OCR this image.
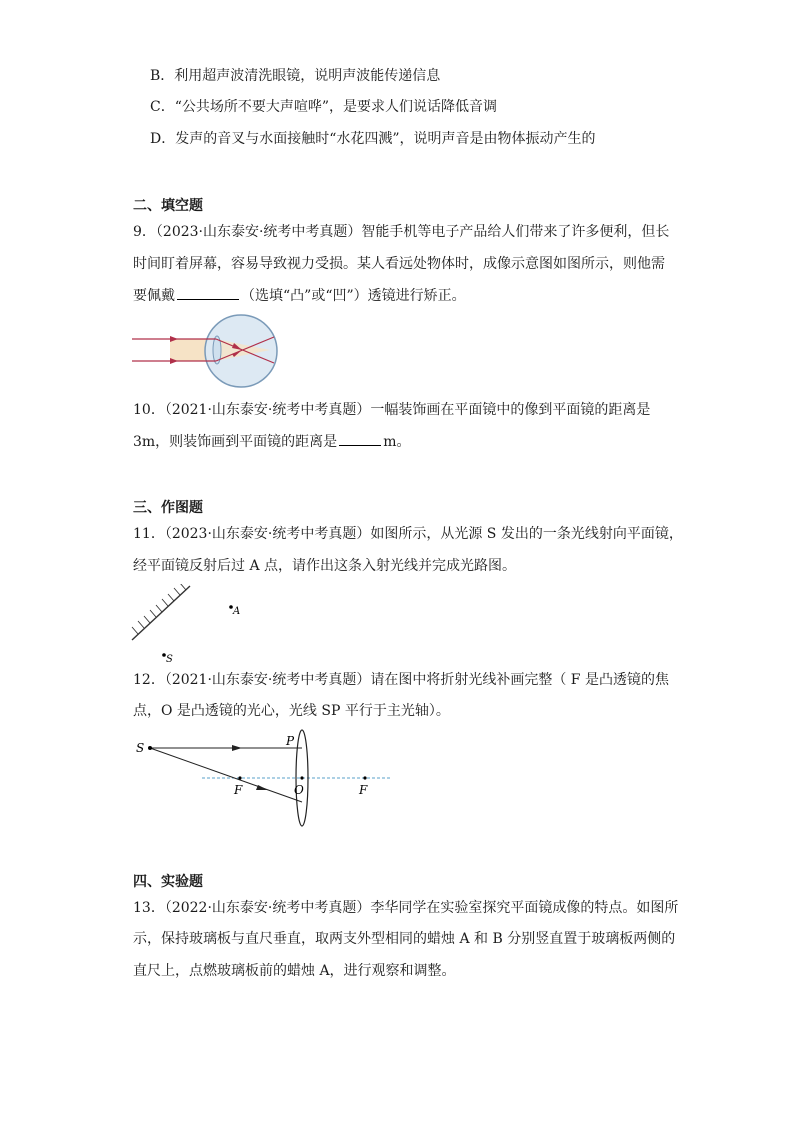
B．利用超声波清洗眼镜，说明声波能传递信息
C．“公共场所不要大声喧哗”，是要求人们说话降低音调
D．发声的音叉与水面接触时“水花四溅”，说明声音是由物体振动产生的
二、填空题
9．（2023·山东泰安·统考中考真题）智能手机等电子产品给人们带来了许多便利，但长
时间盯着屏幕，容易导致视力受损。某人看远处物体时，成像示意图如图所示，则他需
要佩戴	（选填“凸”或“凹”）透镜进行矫正。
10．（2021·山东泰安·统考中考真题）一幅装饰画在平面镜中的像到平面镜的距离是
3m，则装饰画到平面镜的距离是	m。
三、作图题
11．（2023·山东泰安·统考中考真题）如图所示，从光源 S 发出的一条光线射向平面镜，
经平面镜反射后过 A 点，请作出这条入射光线并完成光路图。
A
S
12．（2021·山东泰安·统考中考真题）请在图中将折射光线补画完整（ F 是凸透镜的焦
点，O 是凸透镜的光心，光线 SP 平行于主光轴）。
S	P
F	O	F
四、实验题
13．（2022·山东泰安·统考中考真题）李华同学在实验室探究平面镜成像的特点。如图所
示，保持玻璃板与直尺垂直，取两支外型相同的蜡烛 A 和 B 分别竖直置于玻璃板两侧的
直尺上，点燃玻璃板前的蜡烛 A，进行观察和调整。
